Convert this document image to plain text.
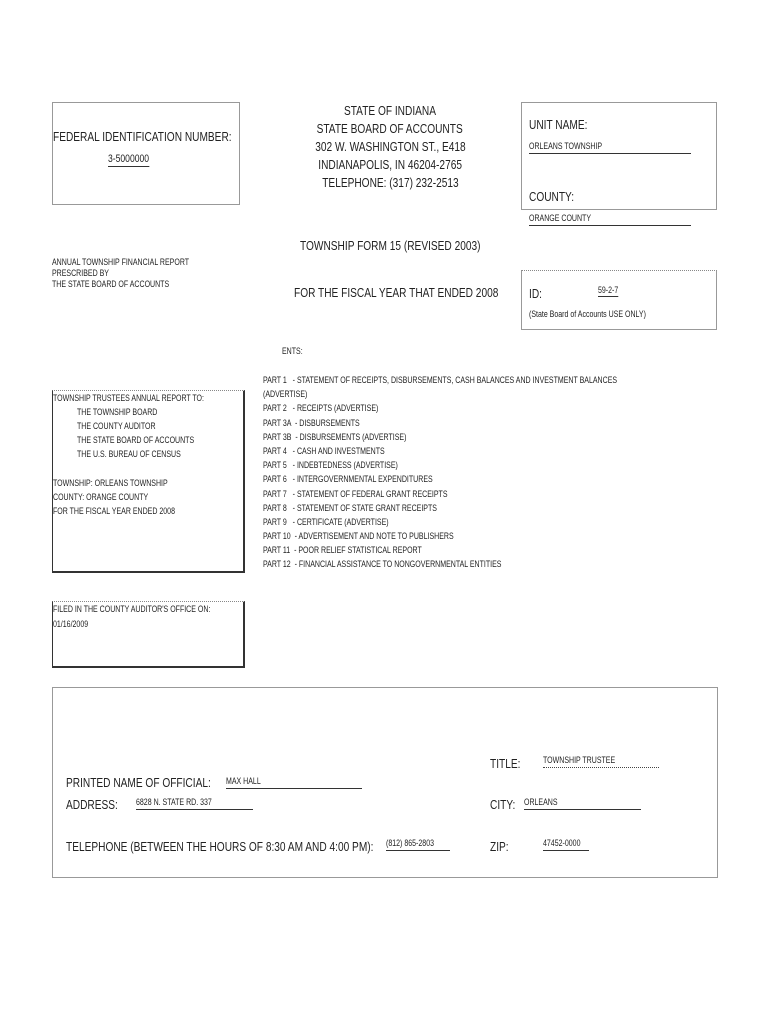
FEDERAL IDENTIFICATION NUMBER:
3-5000000
STATE OF INDIANA
STATE BOARD OF ACCOUNTS
302 W. WASHINGTON ST., E418
INDIANAPOLIS, IN 46204-2765
TELEPHONE: (317) 232-2513
UNIT NAME:
ORLEANS TOWNSHIP
COUNTY:
ORANGE COUNTY
TOWNSHIP FORM 15 (REVISED 2003)
ANNUAL TOWNSHIP FINANCIAL REPORT
PRESCRIBED BY
THE STATE BOARD OF ACCOUNTS
FOR THE FISCAL YEAR THAT ENDED 2008	ID:	59-2-7
(State Board of Accounts USE ONLY)
ENTS:
PART 1   - STATEMENT OF RECEIPTS, DISBURSEMENTS, CASH BALANCES AND INVESTMENT BALANCES
(ADVERTISE)
PART 2   - RECEIPTS (ADVERTISE)
PART 3A  - DISBURSEMENTS
PART 3B  - DISBURSEMENTS (ADVERTISE)
PART 4   - CASH AND INVESTMENTS
PART 5   - INDEBTEDNESS (ADVERTISE)
PART 6   - INTERGOVERNMENTAL EXPENDITURES
PART 7   - STATEMENT OF FEDERAL GRANT RECEIPTS
PART 8   - STATEMENT OF STATE GRANT RECEIPTS
PART 9   - CERTIFICATE (ADVERTISE)
PART 10  - ADVERTISEMENT AND NOTE TO PUBLISHERS
PART 11  - POOR RELIEF STATISTICAL REPORT
PART 12  - FINANCIAL ASSISTANCE TO NONGOVERNMENTAL ENTITIES
TOWNSHIP TRUSTEES ANNUAL REPORT TO:
THE TOWNSHIP BOARD
THE COUNTY AUDITOR
THE STATE BOARD OF ACCOUNTS
THE U.S. BUREAU OF CENSUS
TOWNSHIP: ORLEANS TOWNSHIP
COUNTY: ORANGE COUNTY
FOR THE FISCAL YEAR ENDED 2008
FILED IN THE COUNTY AUDITOR'S OFFICE ON:
01/16/2009
TITLE:	TOWNSHIP TRUSTEE
PRINTED NAME OF OFFICIAL:	MAX HALL
ADDRESS:	6828 N. STATE RD. 337	CITY: ORLEANS
TELEPHONE (BETWEEN THE HOURS OF 8:30 AM AND 4:00 PM):	(812) 865-2803	ZIP:	47452-0000
